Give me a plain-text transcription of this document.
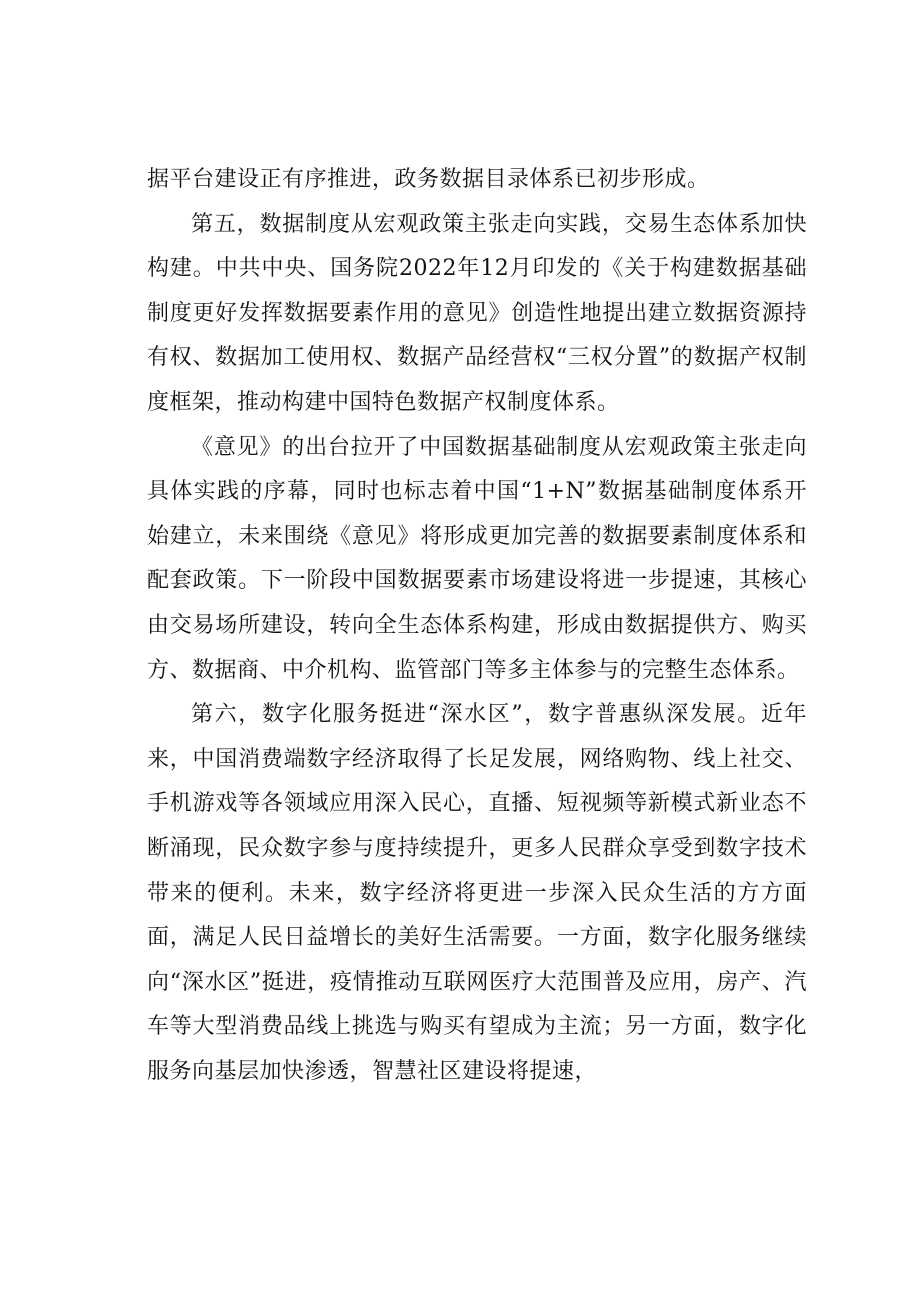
据平台建设正有序推进，政务数据目录体系已初步形成。

第五，数据制度从宏观政策主张走向实践，交易生态体系加快构建。中共中央、国务院2022年12月印发的《关于构建数据基础制度更好发挥数据要素作用的意见》创造性地提出建立数据资源持有权、数据加工使用权、数据产品经营权“三权分置”的数据产权制度框架，推动构建中国特色数据产权制度体系。

《意见》的出台拉开了中国数据基础制度从宏观政策主张走向具体实践的序幕，同时也标志着中国“1+N”数据基础制度体系开始建立，未来围绕《意见》将形成更加完善的数据要素制度体系和配套政策。下一阶段中国数据要素市场建设将进一步提速，其核心由交易场所建设，转向全生态体系构建，形成由数据提供方、购买方、数据商、中介机构、监管部门等多主体参与的完整生态体系。

第六，数字化服务挺进“深水区”，数字普惠纵深发展。近年来，中国消费端数字经济取得了长足发展，网络购物、线上社交、手机游戏等各领域应用深入民心，直播、短视频等新模式新业态不断涌现，民众数字参与度持续提升，更多人民群众享受到数字技术带来的便利。未来，数字经济将更进一步深入民众生活的方方面面，满足人民日益增长的美好生活需要。一方面，数字化服务继续向“深水区”挺进，疫情推动互联网医疗大范围普及应用，房产、汽车等大型消费品线上挑选与购买有望成为主流；另一方面，数字化服务向基层加快渗透，智慧社区建设将提速，
